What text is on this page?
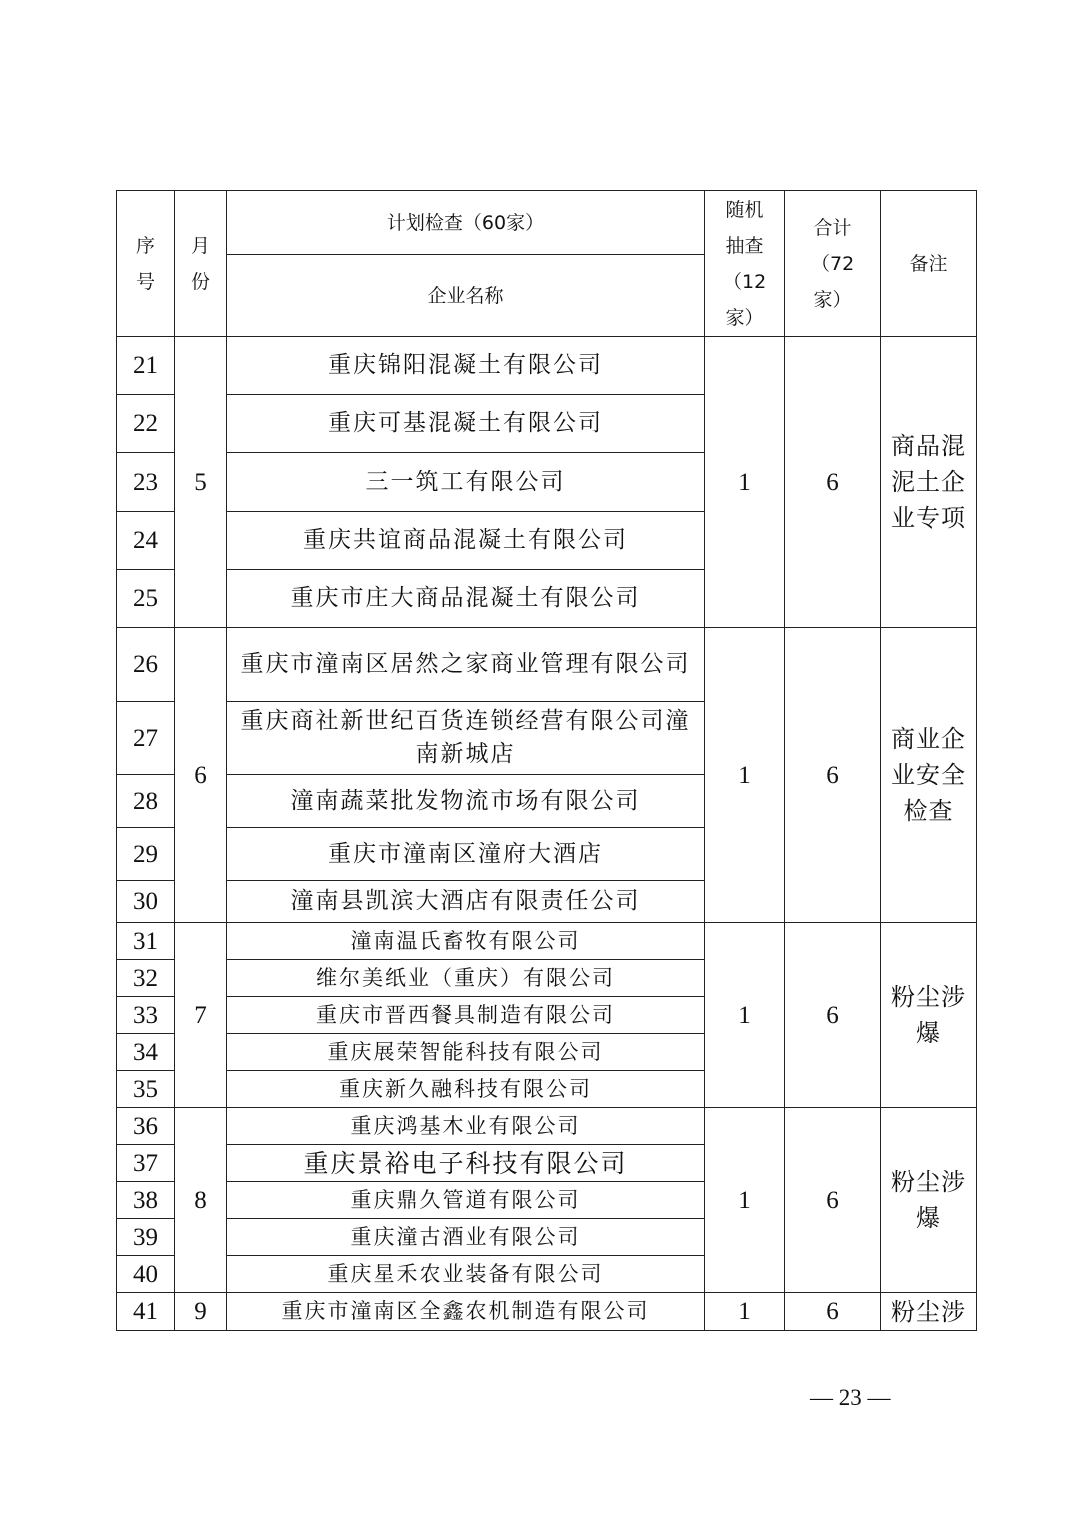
序号	月份	计划检查（60家）	随机抽查（12家）	合计（72家）	备注
		企业名称			
21	5	重庆锦阳混凝土有限公司	1	6	商品混泥土企业专项
22		重庆可基混凝土有限公司			
23		三一筑工有限公司			
24		重庆共谊商品混凝土有限公司			
25		重庆市庄大商品混凝土有限公司			
26	6	重庆市潼南区居然之家商业管理有限公司	1	6	商业企业安全检查
27		重庆商社新世纪百货连锁经营有限公司潼南新城店			
28		潼南蔬菜批发物流市场有限公司			
29		重庆市潼南区潼府大酒店			
30		潼南县凯滨大酒店有限责任公司			
31	7	潼南温氏畜牧有限公司	1	6	粉尘涉爆
32		维尔美纸业（重庆）有限公司			
33		重庆市晋西餐具制造有限公司			
34		重庆展荣智能科技有限公司			
35		重庆新久融科技有限公司			
36	8	重庆鸿基木业有限公司	1	6	粉尘涉爆
37		重庆景裕电子科技有限公司			
38		重庆鼎久管道有限公司			
39		重庆潼古酒业有限公司			
40		重庆星禾农业装备有限公司			
41	9	重庆市潼南区全鑫农机制造有限公司	1	6	粉尘涉
— 23 —
